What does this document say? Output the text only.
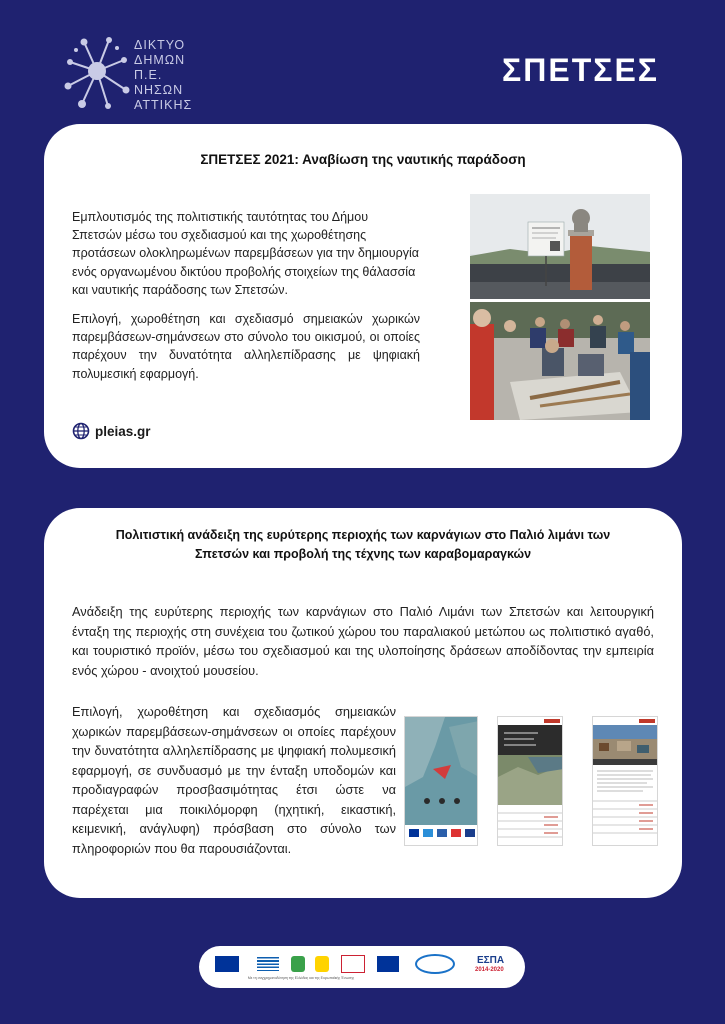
ΔΙΚΤΥΟ
ΔΗΜΩΝ
Π.Ε.
ΝΗΣΩΝ
ΑΤΤΙΚΗΣ
ΣΠΕΤΣΕΣ
ΣΠΕΤΣΕΣ 2021: Αναβίωση της ναυτικής παράδοση

Εμπλουτισμός της πολιτιστικής ταυτότητας του Δήμου Σπετσών μέσω του σχεδιασμού και της χωροθέτησης προτάσεων ολοκληρωμένων παρεμβάσεων για την δημιουργία ενός οργανωμένου δικτύου προβολής στοιχείων της θάλασσία και ναυτικής παράδοσης των Σπετσών.

Επιλογή, χωροθέτηση και σχεδιασμό σημειακών χωρικών παρεμβάσεων-σημάνσεων στο σύνολο του οικισμού, οι οποίες παρέχουν την δυνατότητα αλληλεπίδρασης με ψηφιακή πολυμεσική εφαρμογή.

pleias.gr
Πολιτιστική ανάδειξη της ευρύτερης περιοχής των καρνάγιων στο Παλιό λιμάνι των Σπετσών και προβολή της τέχνης των καραβομαραγκών

Ανάδειξη της ευρύτερης περιοχής των καρνάγιων στο Παλιό Λιμάνι των Σπετσών και λειτουργική ένταξη της περιοχής στη συνέχεια του ζωτικού χώρου του παραλιακού μετώπου ως πολιτιστικό αγαθό, και τουριστικό προϊόν, μέσω του σχεδιασμού και της υλοποίησης δράσεων αποδίδοντας την εμπειρία ενός χώρου - ανοιχτού μουσείου.

Επιλογή, χωροθέτηση και σχεδιασμός σημειακών χωρικών παρεμβάσεων-σημάνσεων οι οποίες παρέχουν την δυνατότητα αλληλεπίδρασης με ψηφιακή πολυμεσική εφαρμογή, σε συνδυασμό με την ένταξη υποδομών και προδιαγραφών προσβασιμότητας έτσι ώστε να παρέχεται μια ποικιλόμορφη (ηχητική, εικαστική, κειμενική, ανάγλυφη) πρόσβαση στο σύνολο των πληροφοριών που θα παρουσιάζονται.

ΕΣΠΑ
2014-2020
Με τη συγχρηματοδότηση της Ελλάδας και της Ευρωπαϊκής Ένωσης
